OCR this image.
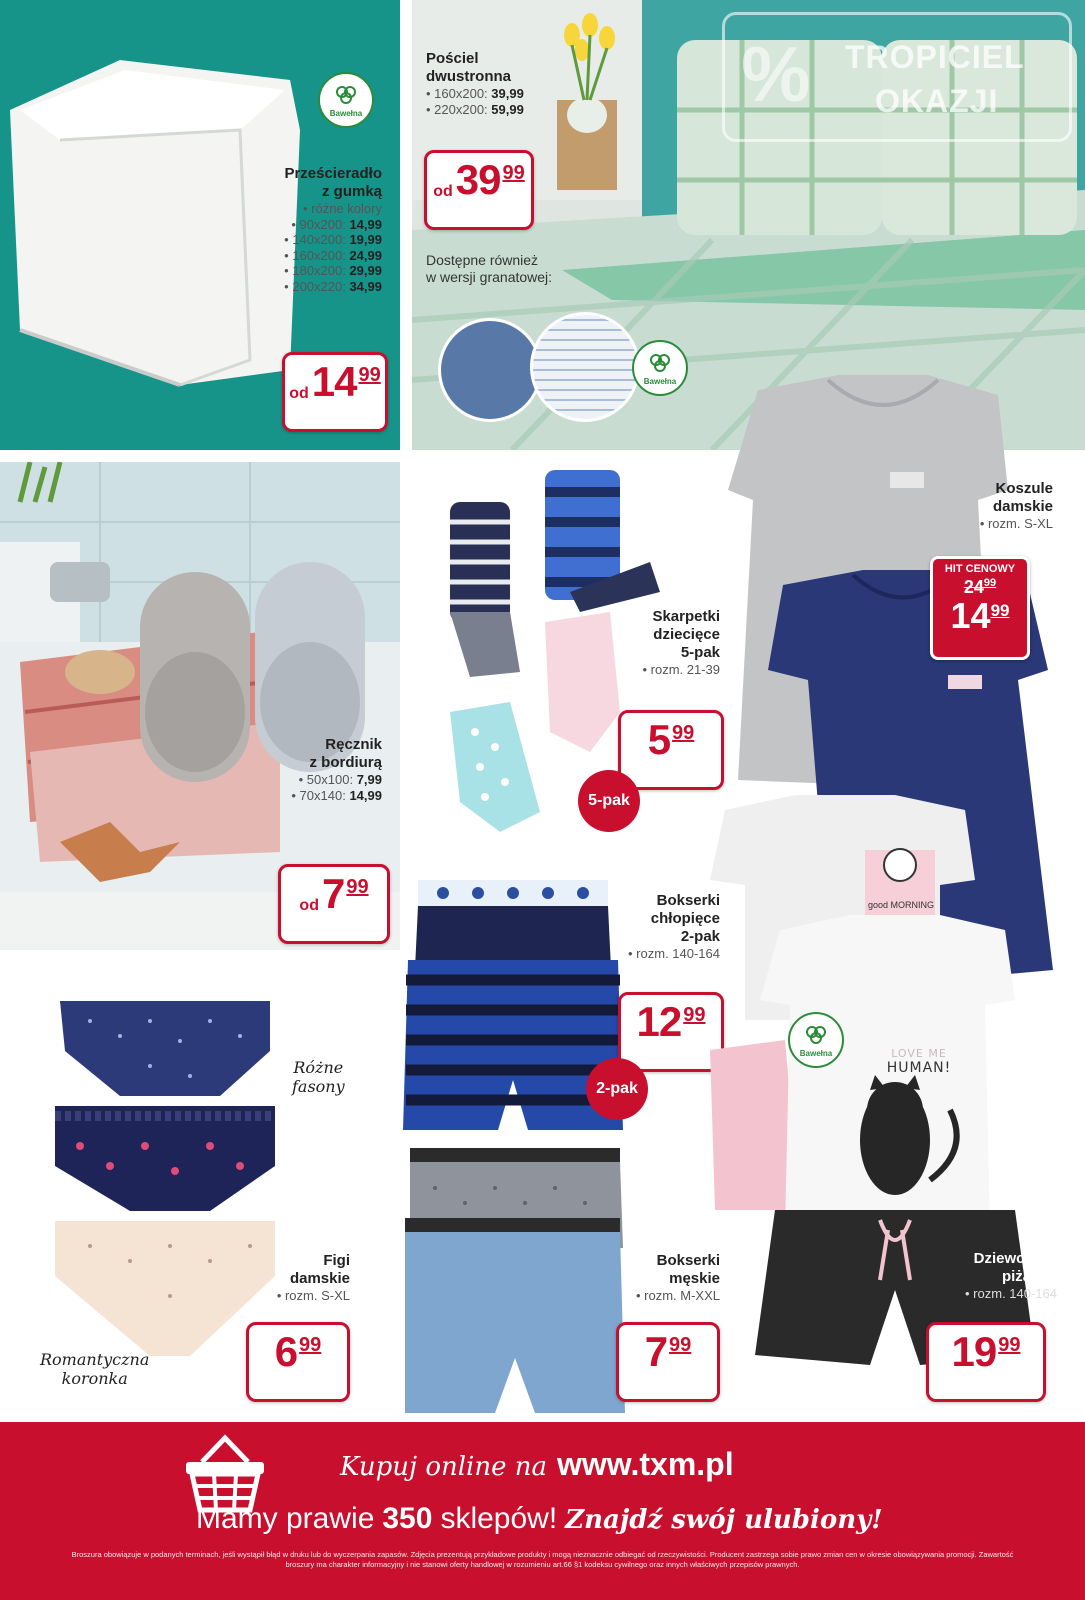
Bawełna
Prześcieradło
z gumką
• różne kolory
• 90x200: 14,99
• 140x200: 19,99
• 160x200: 24,99
• 180x200: 29,99
• 200x220: 34,99
od 14 99
Pościel
dwustronna
• 160x200: 39,99
• 220x200: 59,99
od 39 99
Dostępne również
w wersji granatowej:
Bawełna
% TROPICIEL
OKAZJI
Ręcznik
z bordiurą
• 50x100: 7,99
• 70x140: 14,99
od 7 99
Skarpetki
dziecięce
5-pak
• rozm. 21-39
5 99
5 -pak
Koszule
damskie
• rozm. S-XL
HIT CENOWY
$24^{99}$
14 99
Bokserki
chłopięce
2-pak
• rozm. 140-164
12 99
2 -pak
Różne
fasony
Romantyczna
koronka
Figi
damskie
• rozm. S-XL
6 99
Bokserki
męskie
• rozm. M-XXL
7 99
LOVE ME
HUMAN!
good MORNING
Bawełna
Dziewczęce
piżamki
• rozm. 140-164
19 99
Kupuj online na www.txm.pl
Mamy prawie 350 sklepów! Znajdź swój ulubiony!
Broszura obowiązuje w podanych terminach, jeśli wystąpił błąd w druku lub do wyczerpania zapasów. Zdjęcia prezentują przykładowe produkty i mogą nieznacznie odbiegać od rzeczywistości. Producent zastrzega sobie prawo zmian cen w okresie obowiązywania promocji. Zawartość broszury ma charakter informacyjny i nie stanowi oferty handlowej w rozumieniu art.66 §1 kodeksu cywilnego oraz innych właściwych przepisów prawnych.
